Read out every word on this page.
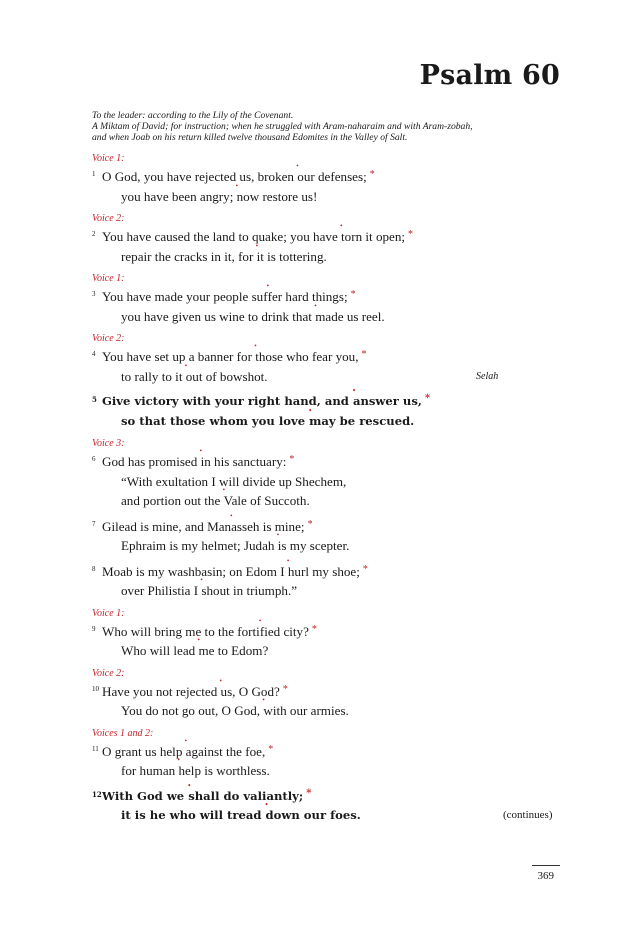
Psalm 60
To the leader: according to the Lily of the Covenant.
A Miktam of David; for instruction; when he struggled with Aram-naharaim and with Aram-zobah,
and when Joab on his return killed twelve thousand Edomites in the Valley of Salt.
Voice 1:
1 O God, you have rejected us, broken • our defenses; *
you have been angry; • now restore us!
Voice 2:
2 You have caused the land to quake; you have • torn it open; *
repair the cracks in it, for • it is tottering.
Voice 1:
3 You have made your people suf• fer hard things; *
you have given us wine to drink that • made us reel.
Voice 2:
4 You have set up a banner for • those who fear you, *
to rally to it • out of bowshot.	Selah
5 Give victory with your right hand, and • answer us, *
so that those whom you love • may be rescued.
Voice 3:
6 God has promised • in his sanctuary: *
“With exultation I will divide up Shechem,
and portion out the • Vale of Succoth.
7 Gilead is mine, and Man• asseh is mine; *
Ephraim is my helmet; Judah • is my scepter.
8 Moab is my washbasin; on Edom I • hurl my shoe; *
over Philistia I • shout in triumph.”
Voice 1:
9 Who will bring me to the forti• fied city? *
Who will lead • me to Edom?
Voice 2:
10 Have you not rejected • us, O God? *
You do not go out, O God, • with our armies.
Voices 1 and 2:
11 O grant us help • against the foe, *
for human • help is worthless.
12 With God we • shall do valiantly; *
it is he who will tread • down our foes.	(continues)
369
